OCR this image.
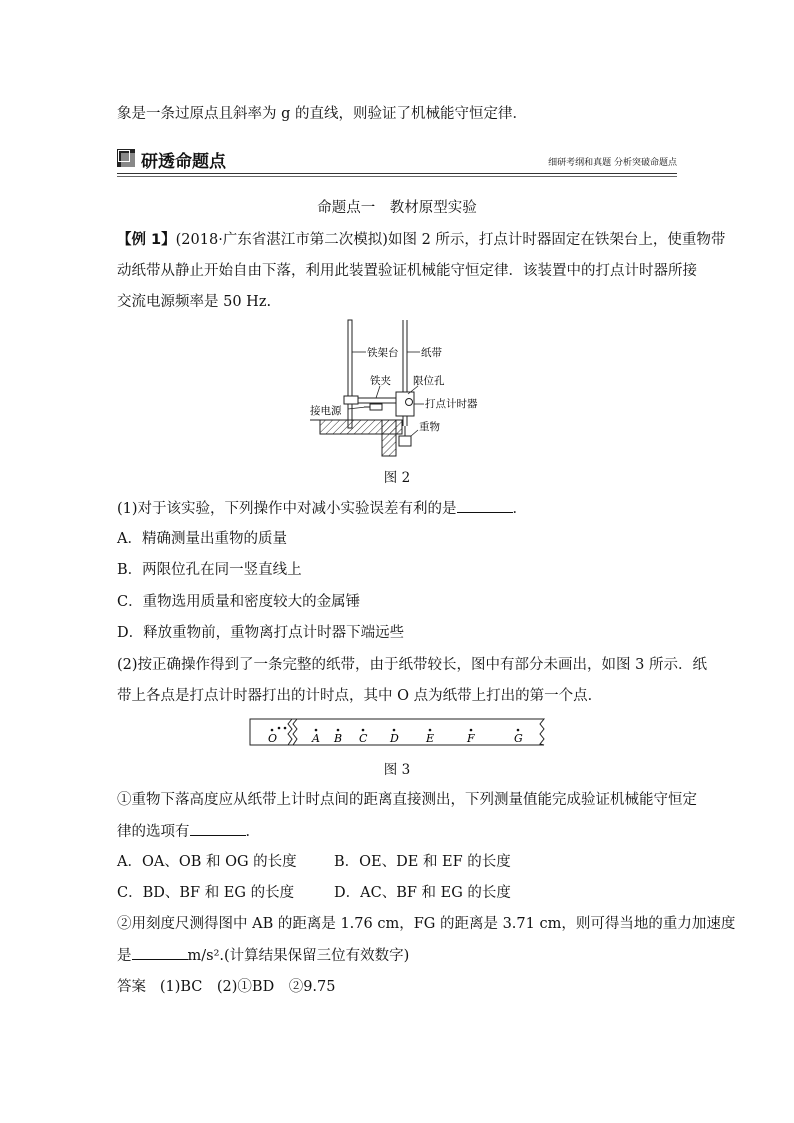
象是一条过原点且斜率为 g 的直线，则验证了机械能守恒定律．
研透命题点	细研考纲和真题 分析突破命题点
命题点一　教材原型实验
【例 1】(2018·广东省湛江市第二次模拟)如图 2 所示，打点计时器固定在铁架台上，使重物带
动纸带从静止开始自由下落，利用此装置验证机械能守恒定律．该装置中的打点计时器所接
交流电源频率是 50 Hz.
铁架台 纸带
铁夹 限位孔
打点计时器
接电源
重物
图 2
(1)对于该实验，下列操作中对减小实验误差有利的是	．
A．精确测量出重物的质量
B．两限位孔在同一竖直线上
C．重物选用质量和密度较大的金属锤
D．释放重物前，重物离打点计时器下端远些
(2)按正确操作得到了一条完整的纸带，由于纸带较长，图中有部分未画出，如图 3 所示．纸
带上各点是打点计时器打出的计时点，其中 O 点为纸带上打出的第一个点．
O	A B C D E	F	G
图 3
①重物下落高度应从纸带上计时点间的距离直接测出，下列测量值能完成验证机械能守恒定
律的选项有	．
A．OA、OB 和 OG 的长度	B．OE、DE 和 EF 的长度
C．BD、BF 和 EG 的长度	D．AC、BF 和 EG 的长度
②用刻度尺测得图中 AB 的距离是 1.76 cm，FG 的距离是 3.71 cm，则可得当地的重力加速度
是	m/s².(计算结果保留三位有效数字)
答案 (1)BC　(2)①BD　②9.75
